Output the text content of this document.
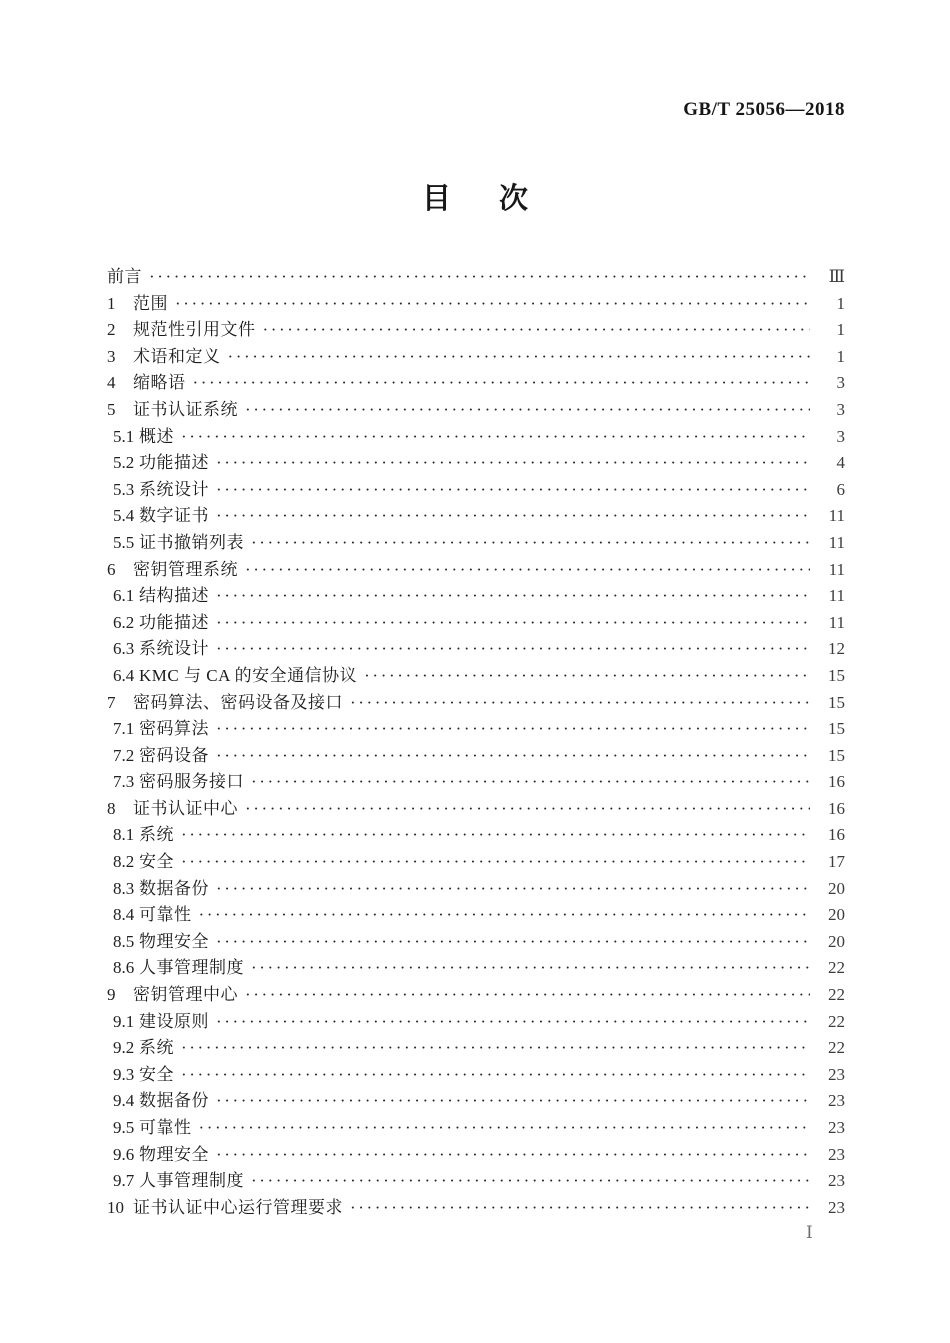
GB/T 25056—2018
目 次
前言 ·····	Ⅲ
1	范围 ·····	1
2	规范性引用文件 ·····	1
3	术语和定义 ·····	1
4	缩略语 ·····	3
5	证书认证系统 ·····	3
5.1 概述 ·····	3
5.2 功能描述 ·····	4
5.3 系统设计 ·····	6
5.4 数字证书 ·····	11
5.5 证书撤销列表 ·····	11
6	密钥管理系统 ·····	11
6.1 结构描述 ·····	11
6.2 功能描述 ·····	11
6.3 系统设计 ·····	12
6.4 KMC 与 CA 的安全通信协议 ·····	15
7	密码算法、密码设备及接口 ·····	15
7.1 密码算法 ·····	15
7.2 密码设备 ·····	15
7.3 密码服务接口 ·····	16
8	证书认证中心 ·····	16
8.1 系统 ·····	16
8.2 安全 ·····	17
8.3 数据备份 ·····	20
8.4 可靠性 ·····	20
8.5 物理安全 ·····	20
8.6 人事管理制度 ·····	22
9	密钥管理中心 ·····	22
9.1 建设原则 ·····	22
9.2 系统 ·····	22
9.3 安全 ·····	23
9.4 数据备份 ·····	23
9.5 可靠性 ·····	23
9.6 物理安全 ·····	23
9.7 人事管理制度 ·····	23
10 证书认证中心运行管理要求 ·····	23
Ⅰ
